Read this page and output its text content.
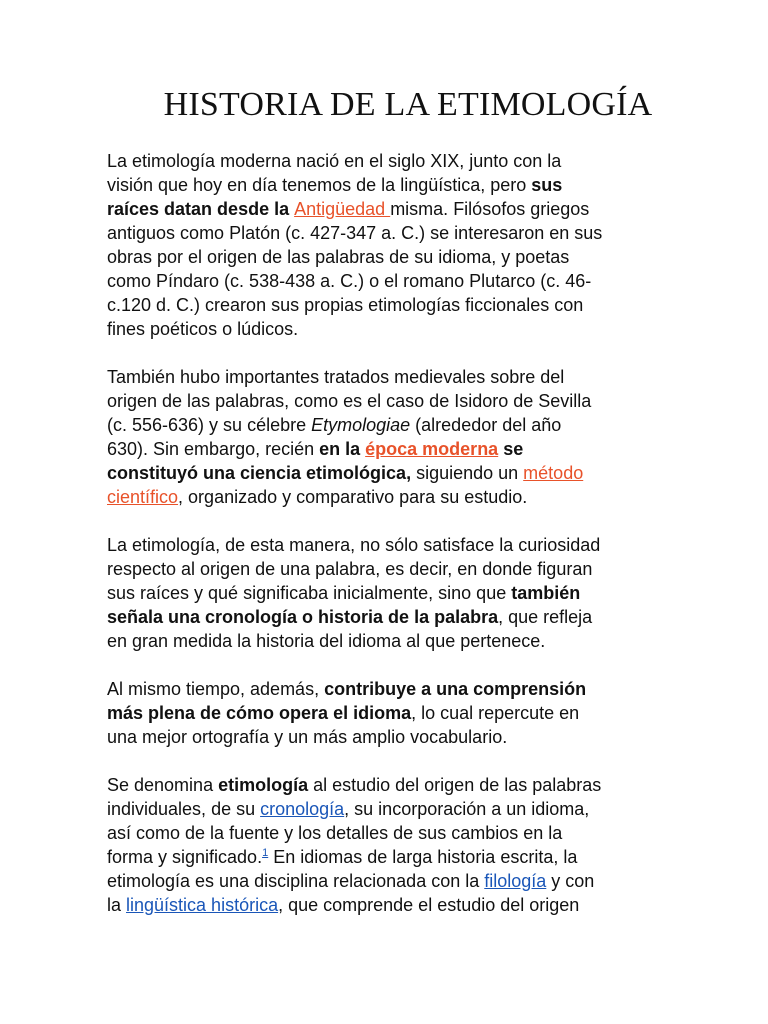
HISTORIA DE LA ETIMOLOGÍA

La etimología moderna nació en el siglo XIX, junto con la
visión que hoy en día tenemos de la lingüística, pero sus
raíces datan desde la Antigüedad misma. Filósofos griegos
antiguos como Platón (c. 427-347 a. C.) se interesaron en sus
obras por el origen de las palabras de su idioma, y poetas
como Píndaro (c. 538-438 a. C.) o el romano Plutarco (c. 46-
c.120 d. C.) crearon sus propias etimologías ficcionales con
fines poéticos o lúdicos.

También hubo importantes tratados medievales sobre del
origen de las palabras, como es el caso de Isidoro de Sevilla
(c. 556-636) y su célebre Etymologiae (alrededor del año
630). Sin embargo, recién en la época moderna se
constituyó una ciencia etimológica, siguiendo un método
científico, organizado y comparativo para su estudio.

La etimología, de esta manera, no sólo satisface la curiosidad
respecto al origen de una palabra, es decir, en donde figuran
sus raíces y qué significaba inicialmente, sino que también
señala una cronología o historia de la palabra, que refleja
en gran medida la historia del idioma al que pertenece.

Al mismo tiempo, además, contribuye a una comprensión
más plena de cómo opera el idioma, lo cual repercute en
una mejor ortografía y un más amplio vocabulario.

Se denomina etimología al estudio del origen de las palabras
individuales, de su cronología, su incorporación a un idioma,
así como de la fuente y los detalles de sus cambios en la
forma y significado.$^1$ En idiomas de larga historia escrita, la
etimología es una disciplina relacionada con la filología y con
la lingüística histórica, que comprende el estudio del origen
